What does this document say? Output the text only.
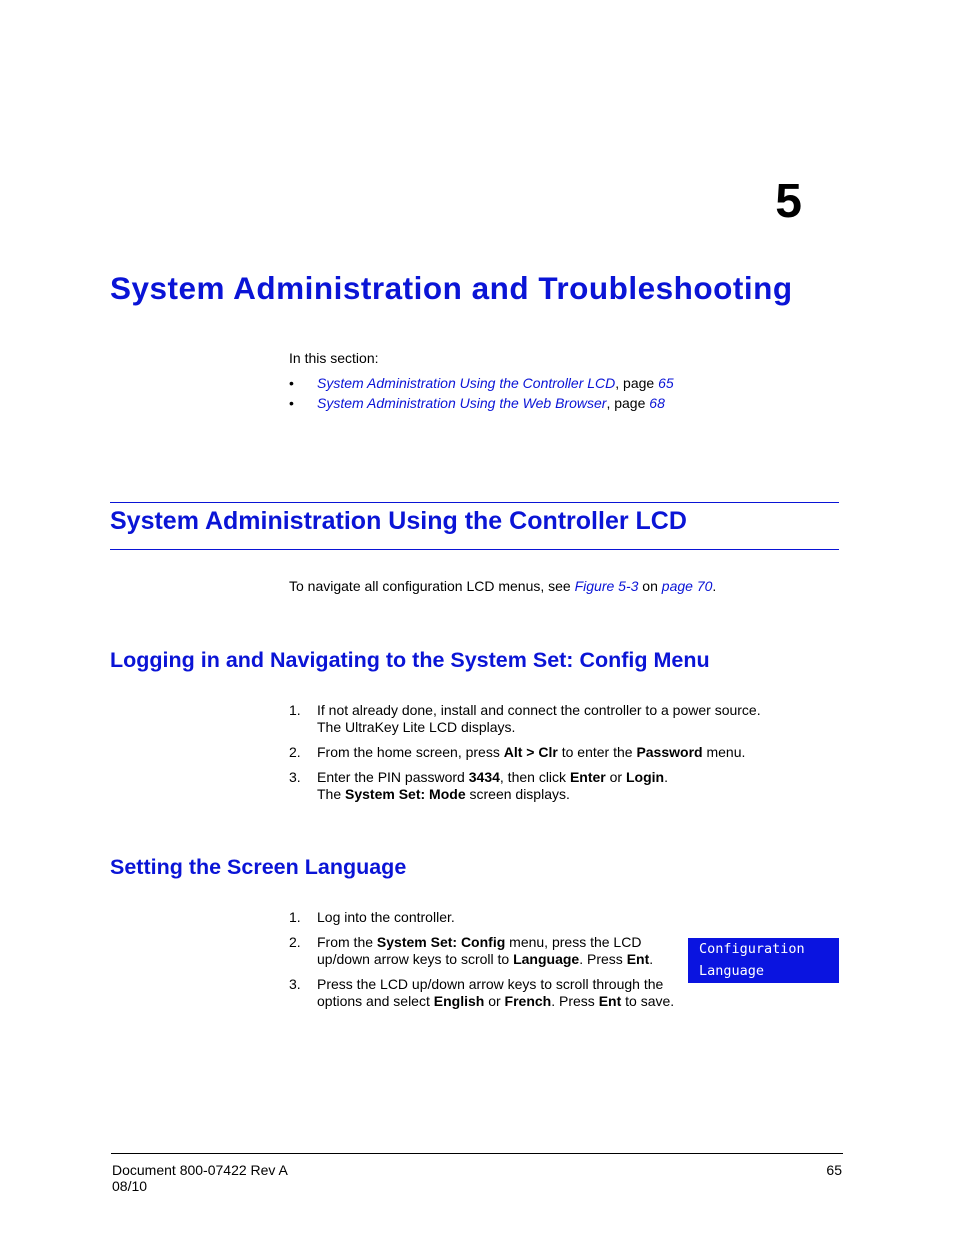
5
System Administration and Troubleshooting
In this section:
• System Administration Using the Controller LCD, page 65
• System Administration Using the Web Browser, page 68
System Administration Using the Controller LCD
To navigate all configuration LCD menus, see Figure 5-3 on page 70.
Logging in and Navigating to the System Set: Config Menu
1. If not already done, install and connect the controller to a power source.
The UltraKey Lite LCD displays.
2. From the home screen, press Alt > Clr to enter the Password menu.
3. Enter the PIN password 3434, then click Enter or Login.
The System Set: Mode screen displays.
Setting the Screen Language
1. Log into the controller.
2. From the System Set: Config menu, press the LCD
up/down arrow keys to scroll to Language. Press Ent.
3. Press the LCD up/down arrow keys to scroll through the
options and select English or French. Press Ent to save.
Configuration
Language
Document 800-07422 Rev A
08/10
65
